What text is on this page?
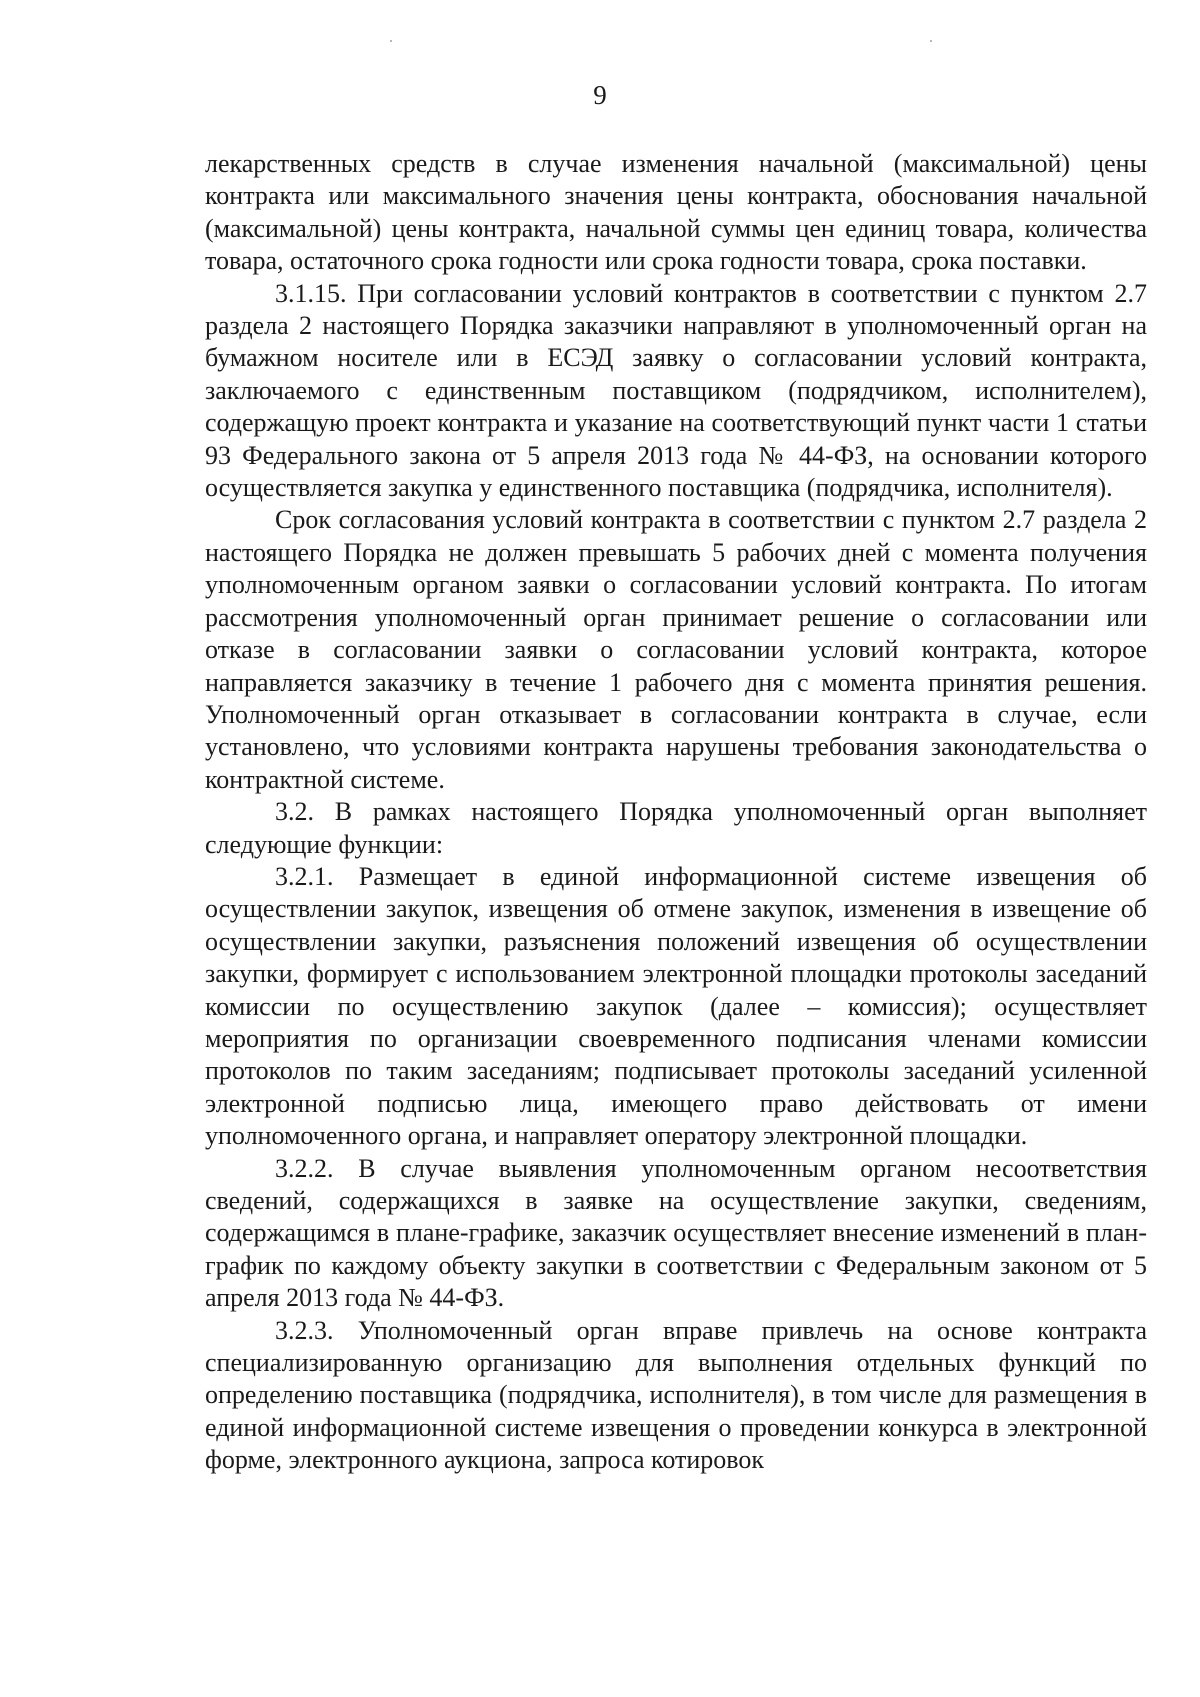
9

лекарственных средств в случае изменения начальной (максимальной) цены контракта или максимального значения цены контракта, обоснования начальной (максимальной) цены контракта, начальной суммы цен единиц товара, количества товара, остаточного срока годности или срока годности товара, срока поставки.

3.1.15. При согласовании условий контрактов в соответствии с пунктом 2.7 раздела 2 настоящего Порядка заказчики направляют в уполномоченный орган на бумажном носителе или в ЕСЭД заявку о согласовании условий контракта, заключаемого с единственным поставщиком (подрядчиком, исполнителем), содержащую проект контракта и указание на соответствующий пункт части 1 статьи 93 Федерального закона от 5 апреля 2013 года № 44-ФЗ, на основании которого осуществляется закупка у единственного поставщика (подрядчика, исполнителя).

Срок согласования условий контракта в соответствии с пунктом 2.7 раздела 2 настоящего Порядка не должен превышать 5 рабочих дней с момента получения уполномоченным органом заявки о согласовании условий контракта. По итогам рассмотрения уполномоченный орган принимает решение о согласовании или отказе в согласовании заявки о согласовании условий контракта, которое направляется заказчику в течение 1 рабочего дня с момента принятия решения. Уполномоченный орган отказывает в согласовании контракта в случае, если установлено, что условиями контракта нарушены требования законодательства о контрактной системе.

3.2. В рамках настоящего Порядка уполномоченный орган выполняет следующие функции:

3.2.1. Размещает в единой информационной системе извещения об осуществлении закупок, извещения об отмене закупок, изменения в извещение об осуществлении закупки, разъяснения положений извещения об осуществлении закупки, формирует с использованием электронной площадки протоколы заседаний комиссии по осуществлению закупок (далее – комиссия); осуществляет мероприятия по организации своевременного подписания членами комиссии протоколов по таким заседаниям; подписывает протоколы заседаний усиленной электронной подписью лица, имеющего право действовать от имени уполномоченного органа, и направляет оператору электронной площадки.

3.2.2. В случае выявления уполномоченным органом несоответствия сведений, содержащихся в заявке на осуществление закупки, сведениям, содержащимся в плане-графике, заказчик осуществляет внесение изменений в план-график по каждому объекту закупки в соответствии с Федеральным законом от 5 апреля 2013 года № 44-ФЗ.

3.2.3. Уполномоченный орган вправе привлечь на основе контракта специализированную организацию для выполнения отдельных функций по определению поставщика (подрядчика, исполнителя), в том числе для размещения в единой информационной системе извещения о проведении конкурса в электронной форме, электронного аукциона, запроса котировок
